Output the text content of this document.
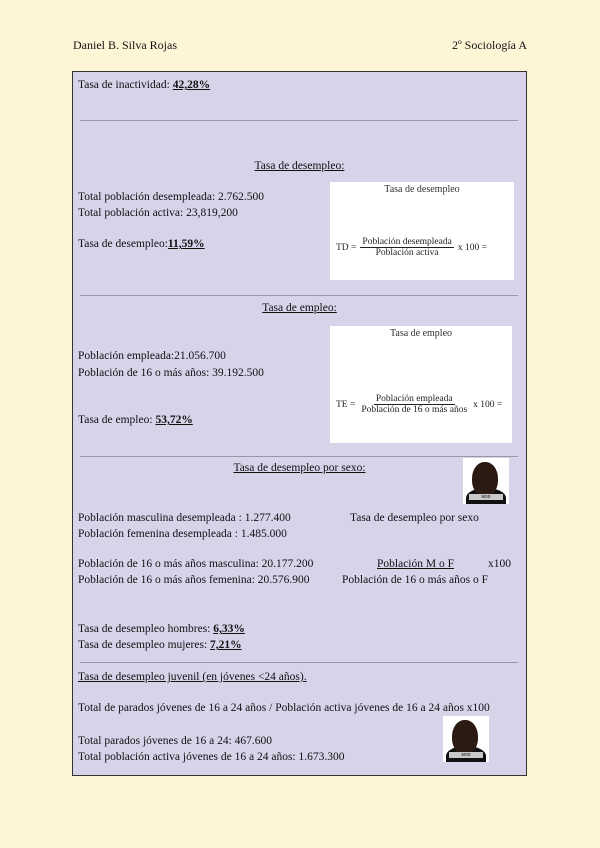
Daniel B. Silva Rojas	2º Sociología A
Tasa de inactividad: 42,28%
Tasa de desempleo:
Total población desempleada: 2.762.500
Total población activa: 23,819,200
Tasa de desempleo:11,59%
Tasa de desempleo
TD = $\frac{\text{Población desempleada}}{\text{Población activa}}$ x 100 =
Tasa de empleo:
Población empleada:21.056.700
Población de 16 o más años: 39.192.500
Tasa de empleo: 53,72%
Tasa de empleo
TE = $\frac{\text{Población empleada}}{\text{Población de 16 o más años}}$ x 100 =
Tasa de desempleo por sexo:
ᴍᴏᴅ
Población masculina desempleada : 1.277.400
Población femenina desempleada : 1.485.000
Tasa de desempleo por sexo
Población de 16 o más años masculina: 20.177.200
Población de 16 o más años femenina: 20.576.900
Población M o F	x100
Población de 16 o más años o F
Tasa de desempleo hombres: 6,33%
Tasa de desempleo mujeres: 7,21%
Tasa de desempleo juvenil (en jóvenes <24 años).
Total de parados jóvenes de 16 a 24 años / Población activa jóvenes de 16 a 24 años x100
Total parados jóvenes de 16 a 24: 467.600
Total población activa jóvenes de 16 a 24 años: 1.673.300	ᴍᴏᴅ
